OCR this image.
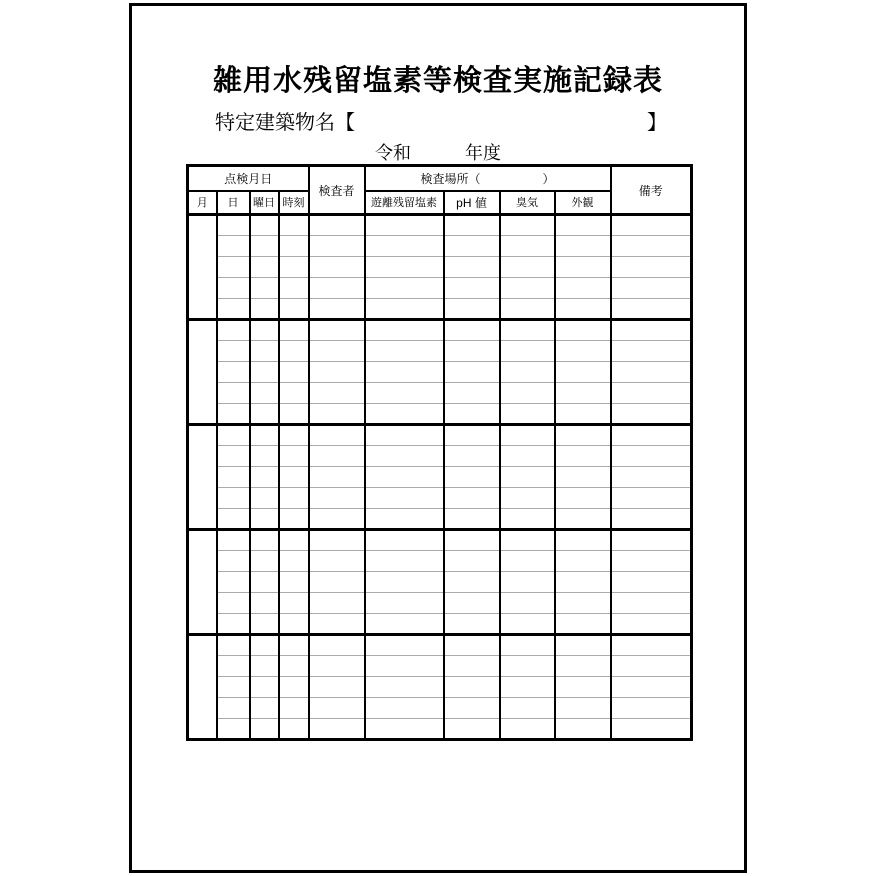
雑用水残留塩素等検査実施記録表
特定建築物名【	】
令和	年度
点検月日				検査者	検査場所（ ）				備考
月	日	曜日	時刻		遊離残留塩素	pH 値	臭気	外観	
